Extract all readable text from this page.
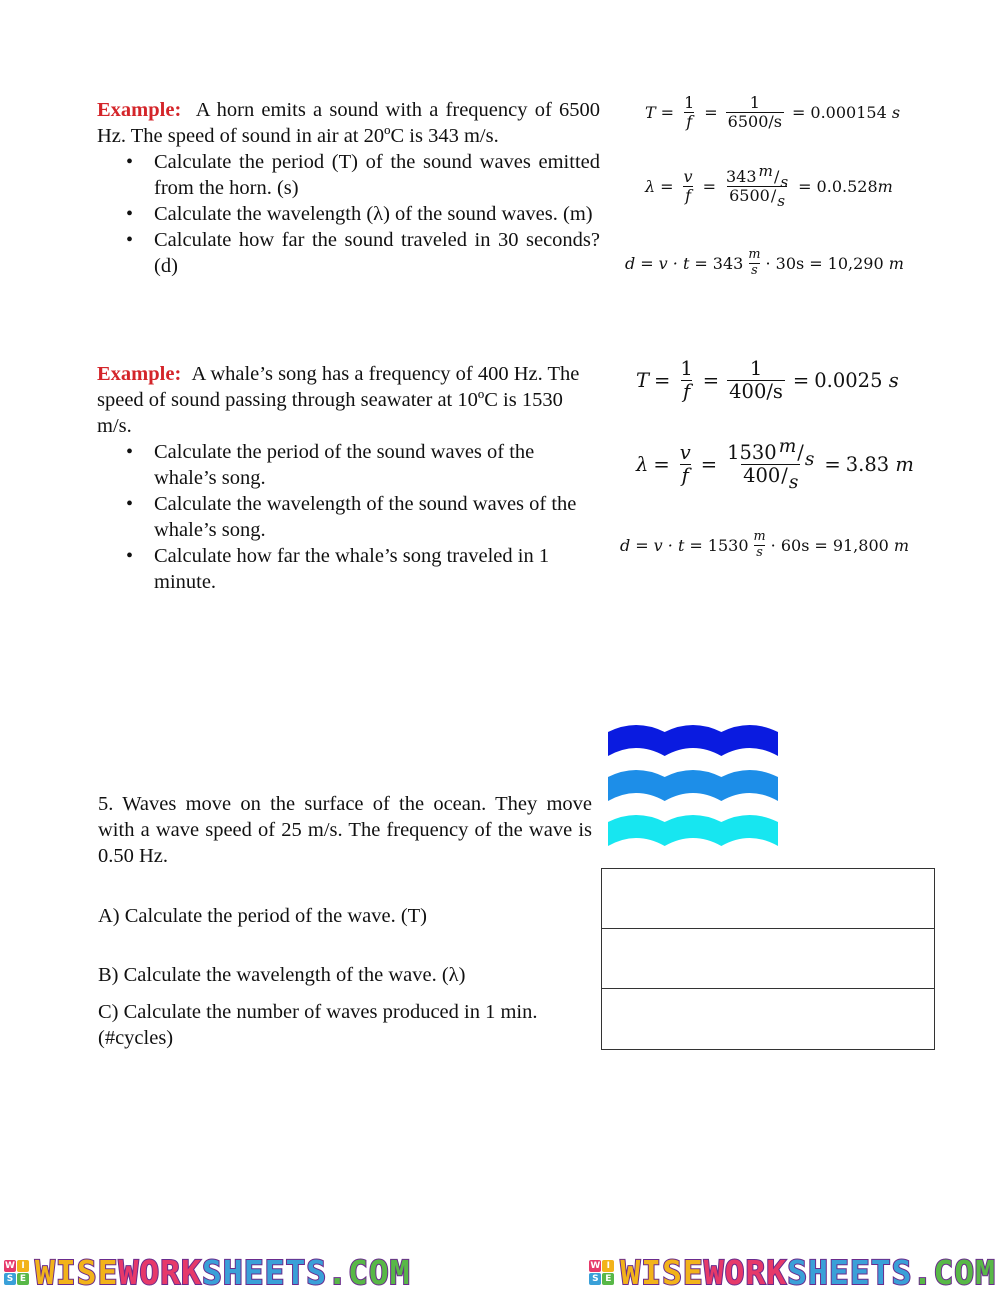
Example: A horn emits a sound with a frequency of 6500 Hz. The speed of sound in air at 20ºC is 343 m/s.

• Calculate the period (T) of the sound waves emitted from the horn. (s)
• Calculate the wavelength (λ) of the sound waves. (m)
• Calculate how far the sound traveled in 30 seconds? (d)
$T = \frac{1}{f} = \frac{1}{6500/s} = 0.000154$
s
$\lambda = \frac{v}{f} = \frac{343 m / s}{6500 / s} = 0.0.528$ m
$d = v \cdot t = 343 \frac{m}{s} \cdot 30s = 10,290$
m

Example: A whale’s song has a frequency of 400 Hz. The speed of sound passing through seawater at 10ºC is 1530 m/s.

• Calculate the period of the sound waves of the whale’s song.
• Calculate the wavelength of the sound waves of the whale’s song.
• Calculate how far the whale’s song traveled in 1 minute.
$T = \frac{1}{f} = \frac{1}{400/s} = 0.0025$
s
$\lambda = \frac{v}{f} = \frac{1530 m / s}{400 / s} = 3.83$
m
$d = v \cdot t = 1530 \frac{m}{s} \cdot 60s = 91,800$
m

5. Waves move on the surface of the ocean. They move with a wave speed of 25 m/s. The frequency of the wave is 0.50 Hz.

A) Calculate the period of the wave. (T)
B) Calculate the wavelength of the wave. (λ)
C) Calculate the number of waves produced in 1 min. (#cycles)
W I
S E WISEWORKSHEETS.COM	W I
S E WISEWORKSHEETS.COM
